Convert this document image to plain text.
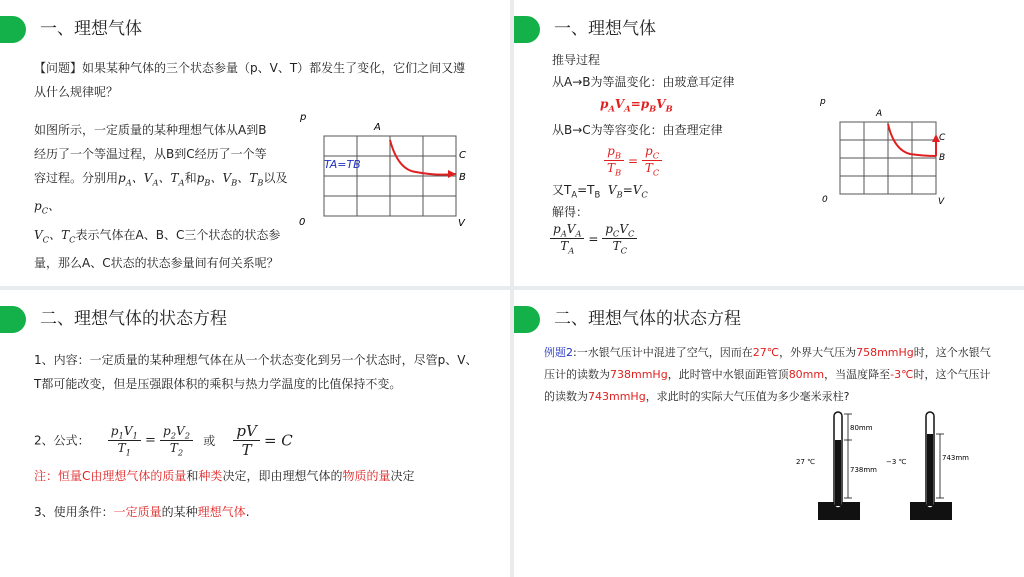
一、理想气体
【问题】如果某种气体的三个状态参量（p、V、T）都发生了变化，它们之间又遵从什么规律呢？
如图所示，一定质量的某种理想气体从A到B
经历了一个等温过程，从B到C经历了一个等
容过程。分别用$p_A$、$V_A$、$T_A$和$p_B$、$V_B$、$T_B$以及$p_C$、
$V_C$、$T_C$表示气体在A、B、C三个状态的状态参
量，那么A、C状态的状态参量间有何关系呢？
p
0	V
A
C
B
TA=TB
一、理想气体
推导过程
从A→B为等温变化：由玻意耳定律
$p_AV_A=p_BV_B$
从B→C为等容变化：由查理定律
$\frac{p_B}{T_B} = \frac{p_C}{T_C}$
又$T_A=T_B$ $V_B=V_C$
解得：
$\frac{p_AV_A}{T_A} = \frac{p_CV_C}{T_C}$
p
0	V
A
C
B
二、理想气体的状态方程
1、内容：一定质量的某种理想气体在从一个状态变化到另一个状态时，尽管p、V、T都可能改变，但是压强跟体积的乘积与热力学温度的比值保持不变。
2、公式： $\frac{p_1V_1}{T_1} = \frac{p_2V_2}{T_2}$ 或 $\frac{pV}{T} = C$
注：恒量C由理想气体的质量和种类决定，即由理想气体的物质的量决定
3、使用条件：一定质量的某种理想气体.
二、理想气体的状态方程
例题2:一水银气压计中混进了空气，因而在27℃，外界大气压为758mmHg时，这个水银气压计的读数为738mmHg，此时管中水银面距管顶80mm，当温度降至-3℃时，这个气压计的读数为743mmHg，求此时的实际大气压值为多少毫米汞柱?
80mm
738mm
27 ℃	743mm
−3 ℃
